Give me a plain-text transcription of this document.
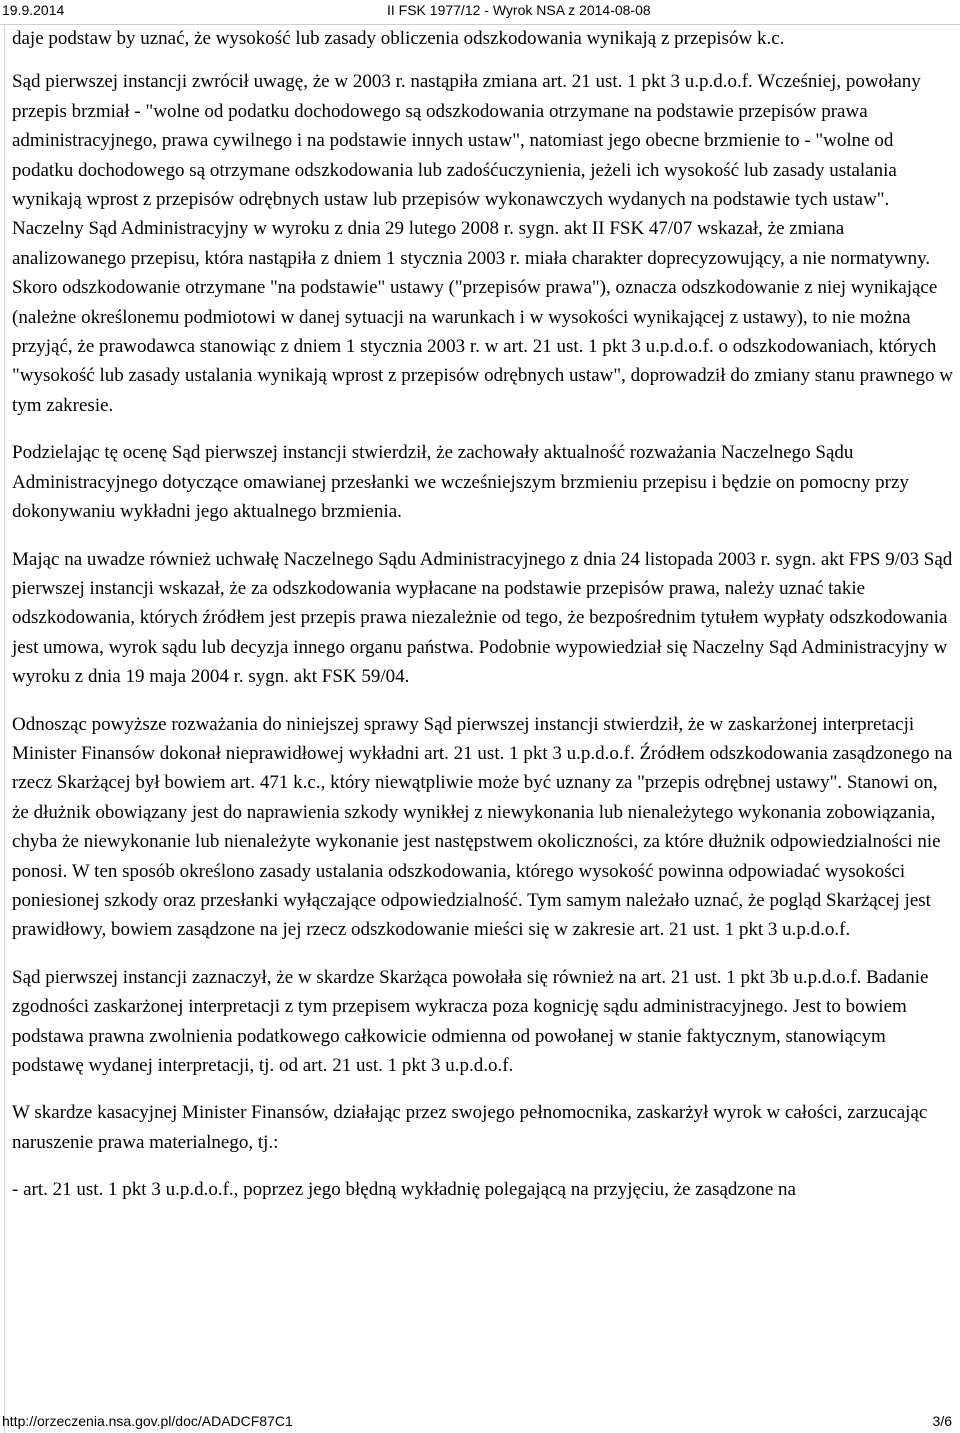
19.9.2014	II FSK 1977/12 - Wyrok NSA z 2014-08-08

daje podstaw by uznać, że wysokość lub zasady obliczenia odszkodowania wynikają z przepisów k.c.

Sąd pierwszej instancji zwrócił uwagę, że w 2003 r. nastąpiła zmiana art. 21 ust. 1 pkt 3 u.p.d.o.f. Wcześniej, powołany przepis brzmiał - "wolne od podatku dochodowego są odszkodowania otrzymane na podstawie przepisów prawa administracyjnego, prawa cywilnego i na podstawie innych ustaw", natomiast jego obecne brzmienie to - "wolne od podatku dochodowego są otrzymane odszkodowania lub zadośćuczynienia, jeżeli ich wysokość lub zasady ustalania wynikają wprost z przepisów odrębnych ustaw lub przepisów wykonawczych wydanych na podstawie tych ustaw". Naczelny Sąd Administracyjny w wyroku z dnia 29 lutego 2008 r. sygn. akt II FSK 47/07 wskazał, że zmiana analizowanego przepisu, która nastąpiła z dniem 1 stycznia 2003 r. miała charakter doprecyzowujący, a nie normatywny. Skoro odszkodowanie otrzymane "na podstawie" ustawy ("przepisów prawa"), oznacza odszkodowanie z niej wynikające (należne określonemu podmiotowi w danej sytuacji na warunkach i w wysokości wynikającej z ustawy), to nie można przyjąć, że prawodawca stanowiąc z dniem 1 stycznia 2003 r. w art. 21 ust. 1 pkt 3 u.p.d.o.f. o odszkodowaniach, których "wysokość lub zasady ustalania wynikają wprost z przepisów odrębnych ustaw", doprowadził do zmiany stanu prawnego w tym zakresie.

Podzielając tę ocenę Sąd pierwszej instancji stwierdził, że zachowały aktualność rozważania Naczelnego Sądu Administracyjnego dotyczące omawianej przesłanki we wcześniejszym brzmieniu przepisu i będzie on pomocny przy dokonywaniu wykładni jego aktualnego brzmienia.

Mając na uwadze również uchwałę Naczelnego Sądu Administracyjnego z dnia 24 listopada 2003 r. sygn. akt FPS 9/03 Sąd pierwszej instancji wskazał, że za odszkodowania wypłacane na podstawie przepisów prawa, należy uznać takie odszkodowania, których źródłem jest przepis prawa niezależnie od tego, że bezpośrednim tytułem wypłaty odszkodowania jest umowa, wyrok sądu lub decyzja innego organu państwa. Podobnie wypowiedział się Naczelny Sąd Administracyjny w wyroku z dnia 19 maja 2004 r. sygn. akt FSK 59/04.

Odnosząc powyższe rozważania do niniejszej sprawy Sąd pierwszej instancji stwierdził, że w zaskarżonej interpretacji Minister Finansów dokonał nieprawidłowej wykładni art. 21 ust. 1 pkt 3 u.p.d.o.f. Źródłem odszkodowania zasądzonego na rzecz Skarżącej był bowiem art. 471 k.c., który niewątpliwie może być uznany za "przepis odrębnej ustawy". Stanowi on, że dłużnik obowiązany jest do naprawienia szkody wynikłej z niewykonania lub nienależytego wykonania zobowiązania, chyba że niewykonanie lub nienależyte wykonanie jest następstwem okoliczności, za które dłużnik odpowiedzialności nie ponosi. W ten sposób określono zasady ustalania odszkodowania, którego wysokość powinna odpowiadać wysokości poniesionej szkody oraz przesłanki wyłączające odpowiedzialność. Tym samym należało uznać, że pogląd Skarżącej jest prawidłowy, bowiem zasądzone na jej rzecz odszkodowanie mieści się w zakresie art. 21 ust. 1 pkt 3 u.p.d.o.f.

Sąd pierwszej instancji zaznaczył, że w skardze Skarżąca powołała się również na art. 21 ust. 1 pkt 3b u.p.d.o.f. Badanie zgodności zaskarżonej interpretacji z tym przepisem wykracza poza kognicję sądu administracyjnego. Jest to bowiem podstawa prawna zwolnienia podatkowego całkowicie odmienna od powołanej w stanie faktycznym, stanowiącym podstawę wydanej interpretacji, tj. od art. 21 ust. 1 pkt 3 u.p.d.o.f.

W skardze kasacyjnej Minister Finansów, działając przez swojego pełnomocnika, zaskarżył wyrok w całości, zarzucając naruszenie prawa materialnego, tj.:

- art. 21 ust. 1 pkt 3 u.p.d.o.f., poprzez jego błędną wykładnię polegającą na przyjęciu, że zasądzone na

http://orzeczenia.nsa.gov.pl/doc/ADADCF87C1	3/6
